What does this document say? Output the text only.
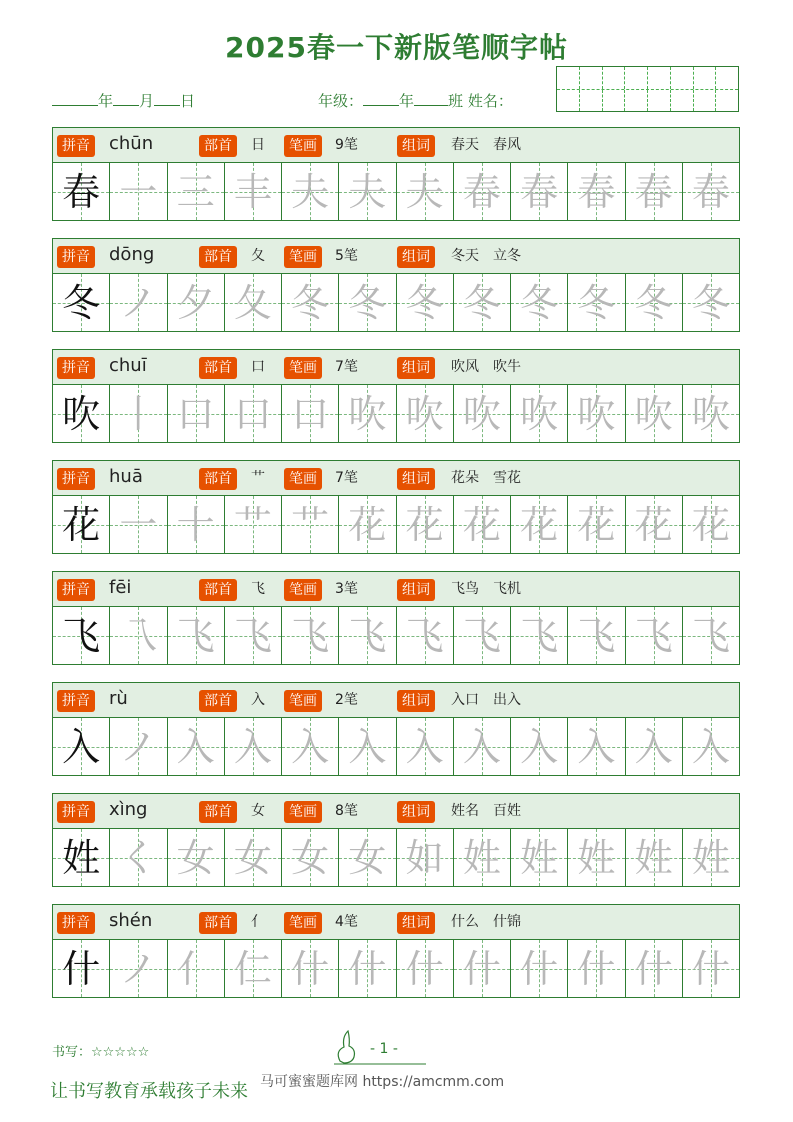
2025春一下新版笔顺字帖
年 月 日	年级： 年 班 姓名：
拼音 chūn	部首	日	笔画	9笔	组词	春天　春风
春 一 三 丰 夫 夫 夫 春 春 春 春 春
拼音 dōng	部首	夂	笔画	5笔	组词	冬天　立冬
冬 ノ 夕 夂 冬 冬 冬 冬 冬 冬 冬 冬
拼音 chuī	部首	口	笔画	7笔	组词	吹风　吹牛
吹 丨 口 口 口 吹 吹 吹 吹 吹 吹 吹
拼音 huā	部首	艹	笔画	7笔	组词	花朵　雪花
花 一 十 艹 艹 花 花 花 花 花 花 花
拼音 fēi	部首	飞	笔画	3笔	组词	飞鸟　飞机
飞 乁 飞 飞 飞 飞 飞 飞 飞 飞 飞 飞
拼音 rù	部首	入	笔画	2笔	组词	入口　出入
入 ノ 入 入 入 入 入 入 入 入 入 入
拼音 xìng	部首	女	笔画	8笔	组词	姓名　百姓
姓 く 女 女 女 女 如 姓 姓 姓 姓 姓
拼音 shén	部首	亻	笔画	4笔	组词	什么　什锦
什 ノ 亻 仁 什 什 什 什 什 什 什 什
书写：☆☆☆☆☆	- 1 -
让书写教育承载孩子未来 马可蜜蜜题库网 https://amcmm.com
